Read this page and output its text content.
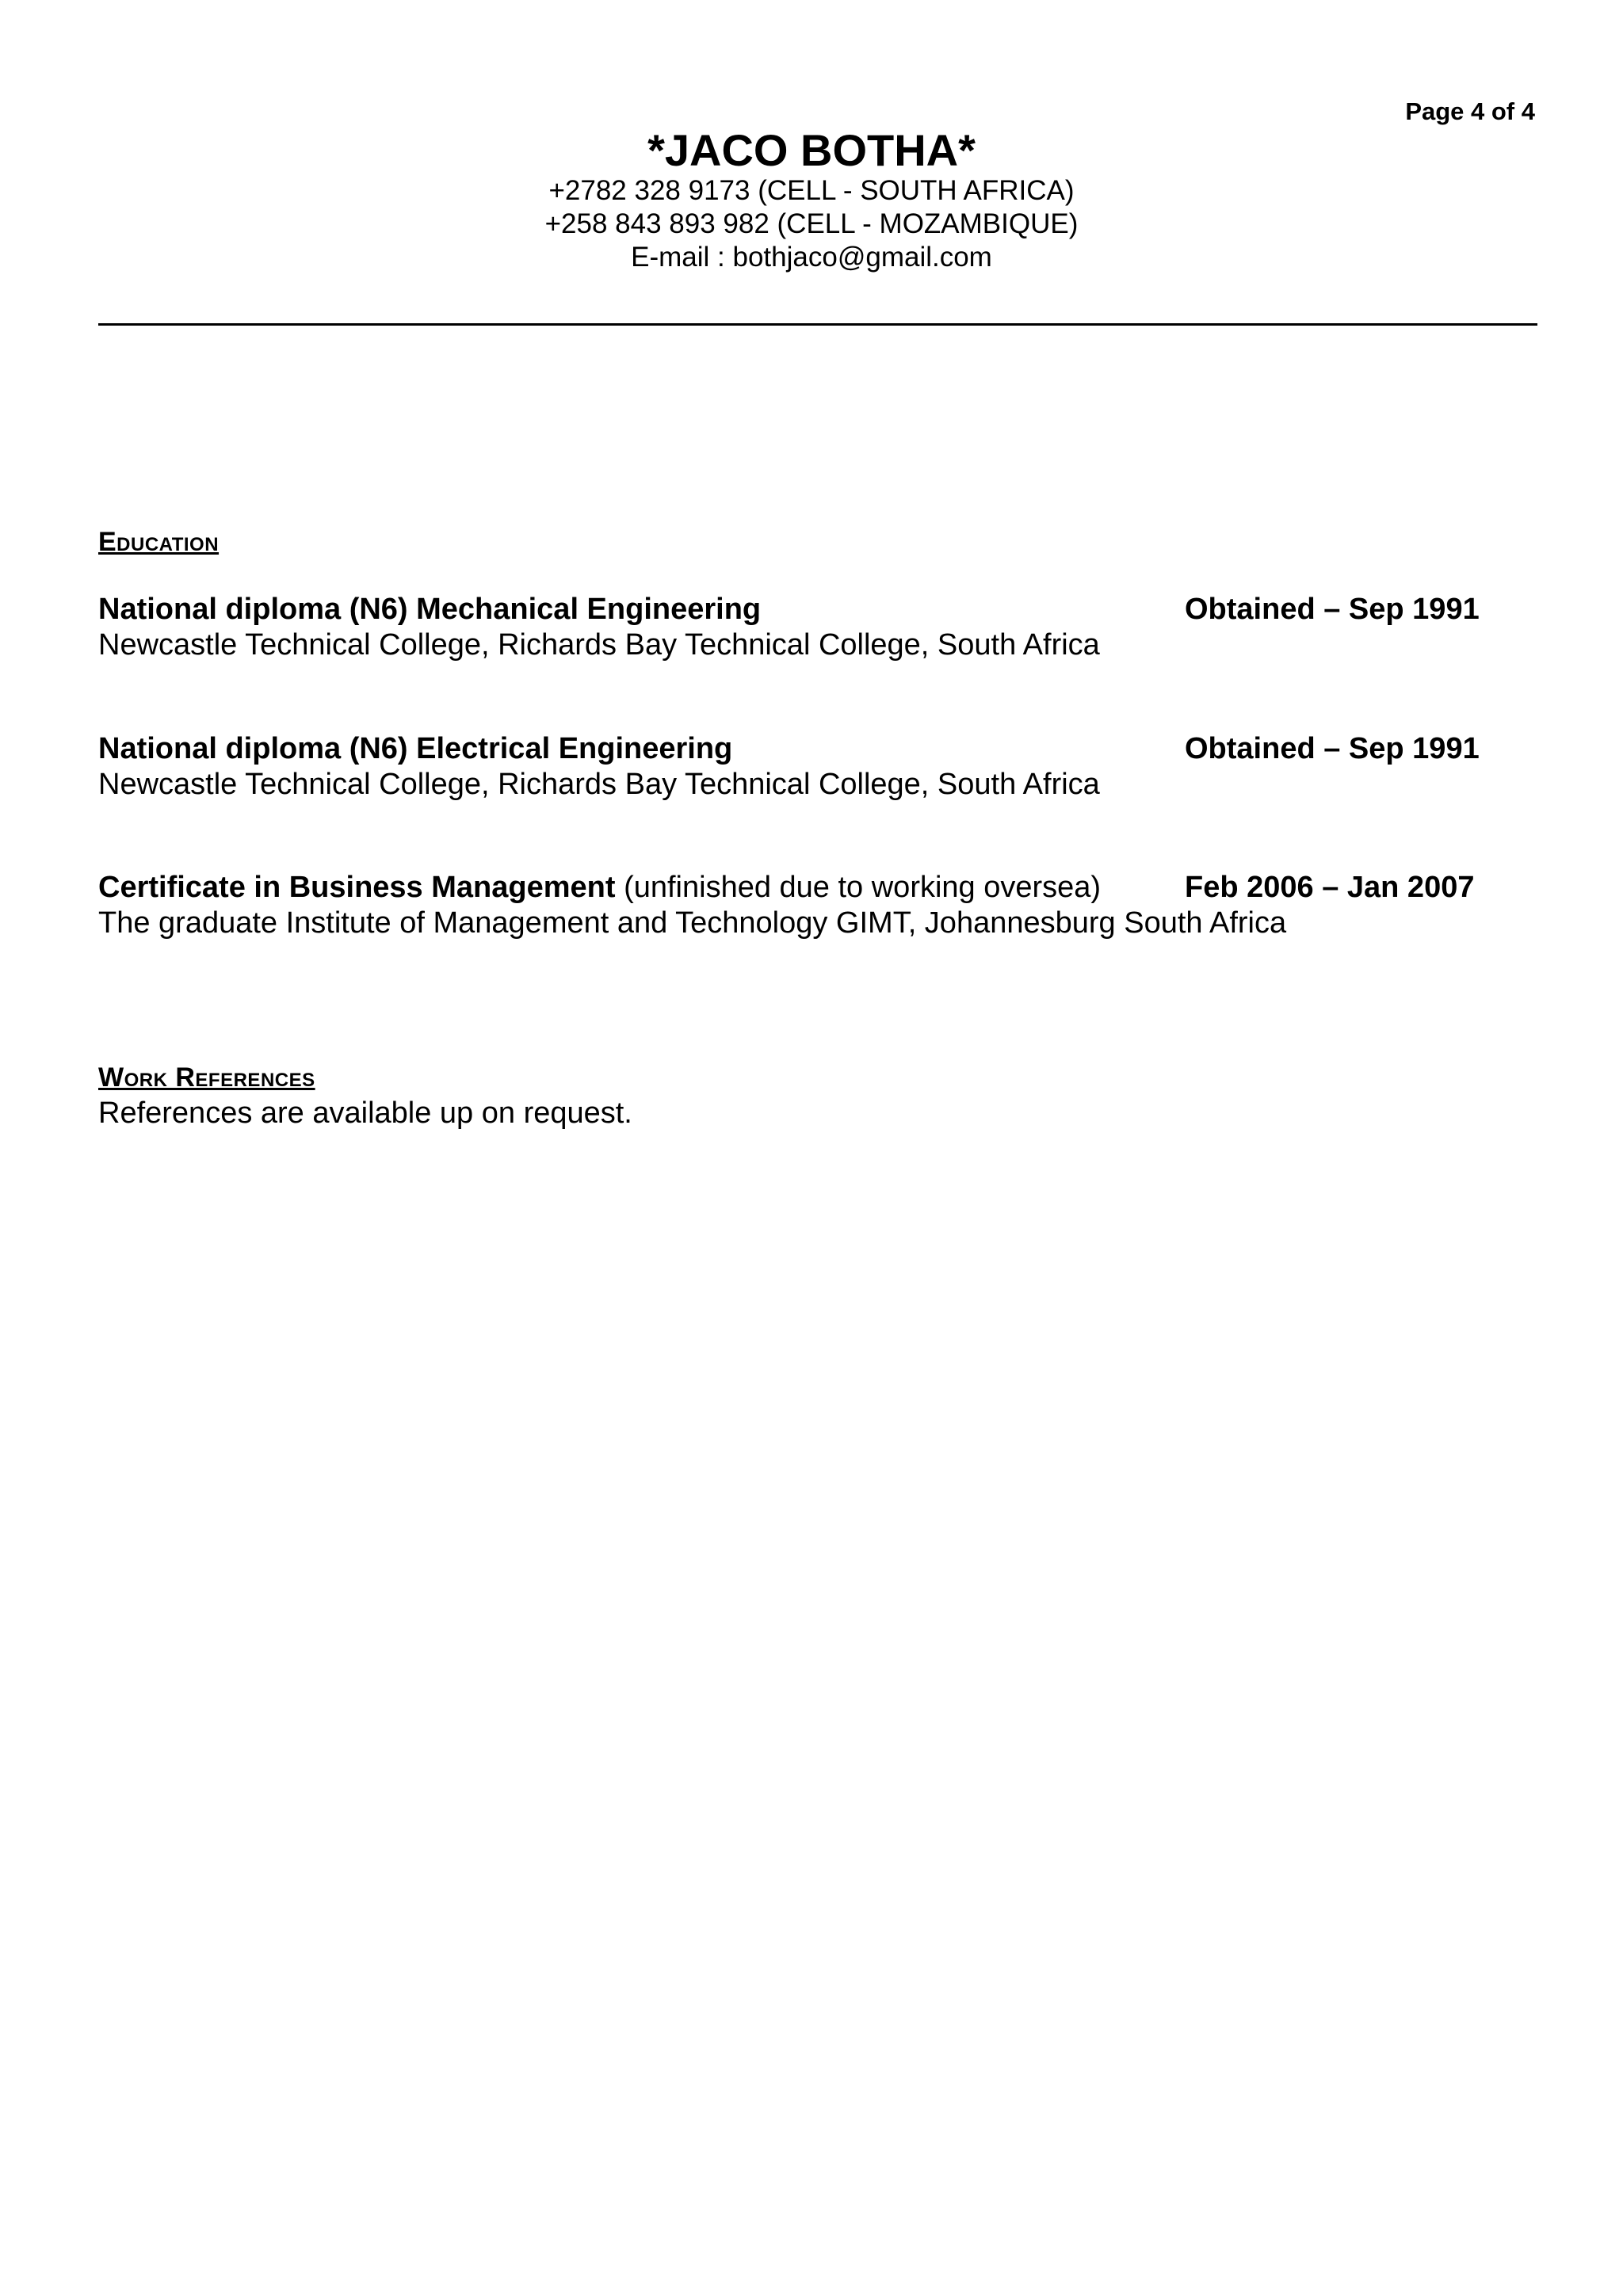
Page 4 of 4
*JACO BOTHA*
+2782 328 9173 (CELL - SOUTH AFRICA)
+258 843 893 982 (CELL - MOZAMBIQUE)
E-mail : bothjaco@gmail.com
Education
National diploma (N6) Mechanical Engineering	Obtained – Sep 1991
Newcastle Technical College, Richards Bay Technical College, South Africa
National diploma (N6) Electrical Engineering	Obtained – Sep 1991
Newcastle Technical College, Richards Bay Technical College, South Africa
Certificate in Business Management (unfinished due to working oversea)	Feb 2006 – Jan 2007
The graduate Institute of Management and Technology GIMT, Johannesburg South Africa
Work References
References are available up on request.
